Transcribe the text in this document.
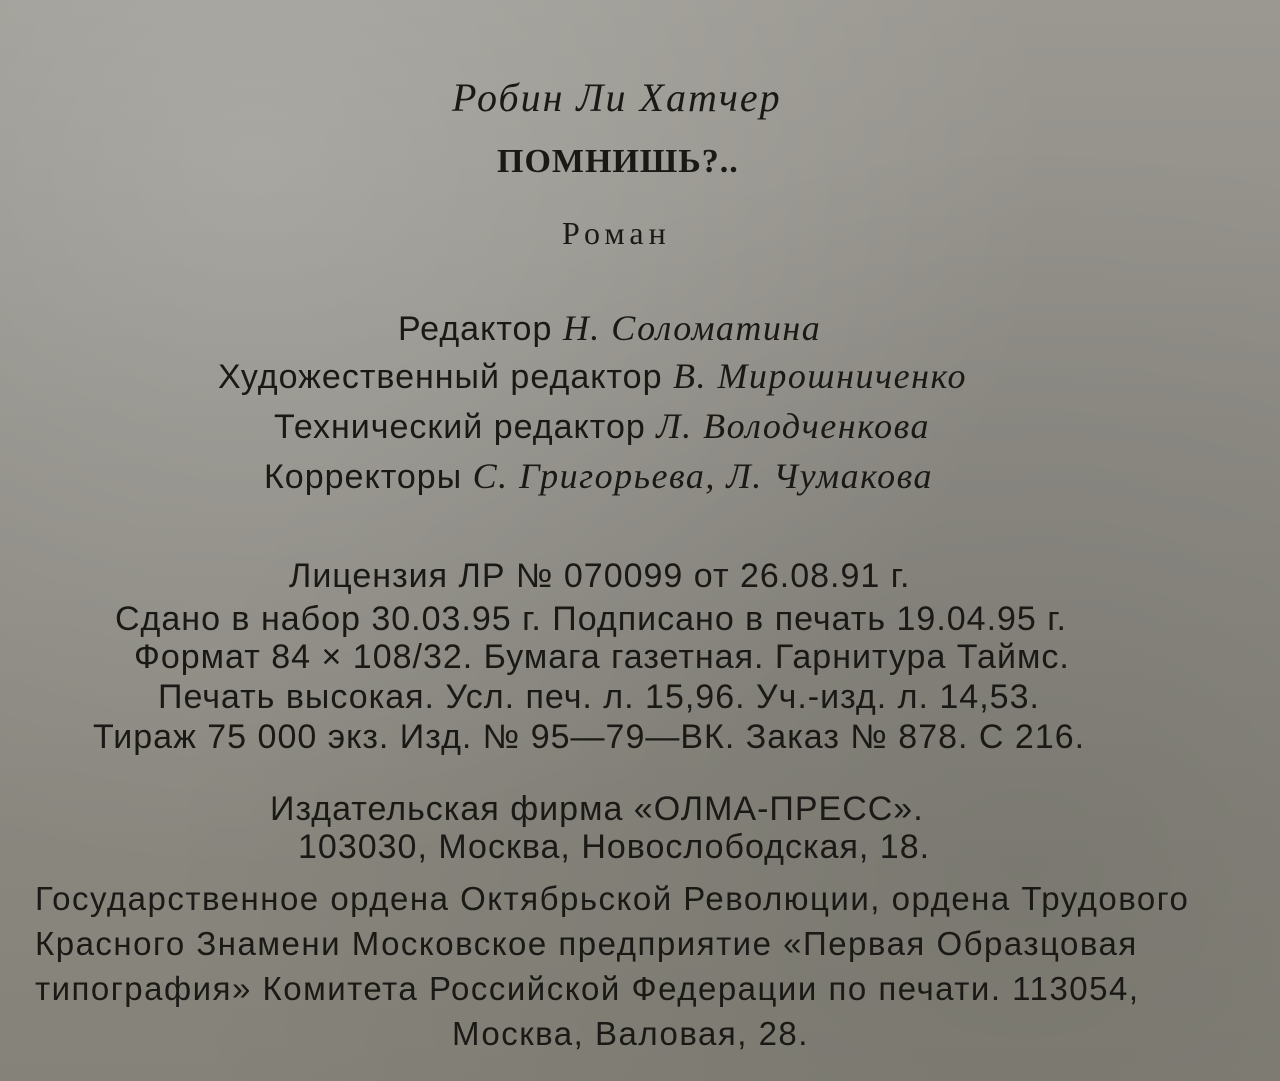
Робин Ли Хатчер
ПОМНИШЬ?..
Роман
Редактор Н. Соломатина
Художественный редактор В. Мирошниченко
Технический редактор Л. Володченкова
Корректоры С. Григорьева, Л. Чумакова
Лицензия ЛР № 070099 от 26.08.91 г.
Сдано в набор 30.03.95 г. Подписано в печать 19.04.95 г.
Формат 84 × 108/32. Бумага газетная. Гарнитура Таймс.
Печать высокая. Усл. печ. л. 15,96. Уч.-изд. л. 14,53.
Тираж 75 000 экз. Изд. № 95—79—ВК. Заказ № 878. С 216.
Издательская фирма «ОЛМА-ПРЕСС».
103030, Москва, Новослободская, 18.
Государственное ордена Октябрьской Революции, ордена Трудового
Красного Знамени Московское предприятие «Первая Образцовая
типография» Комитета Российской Федерации по печати. 113054,
Москва, Валовая, 28.
